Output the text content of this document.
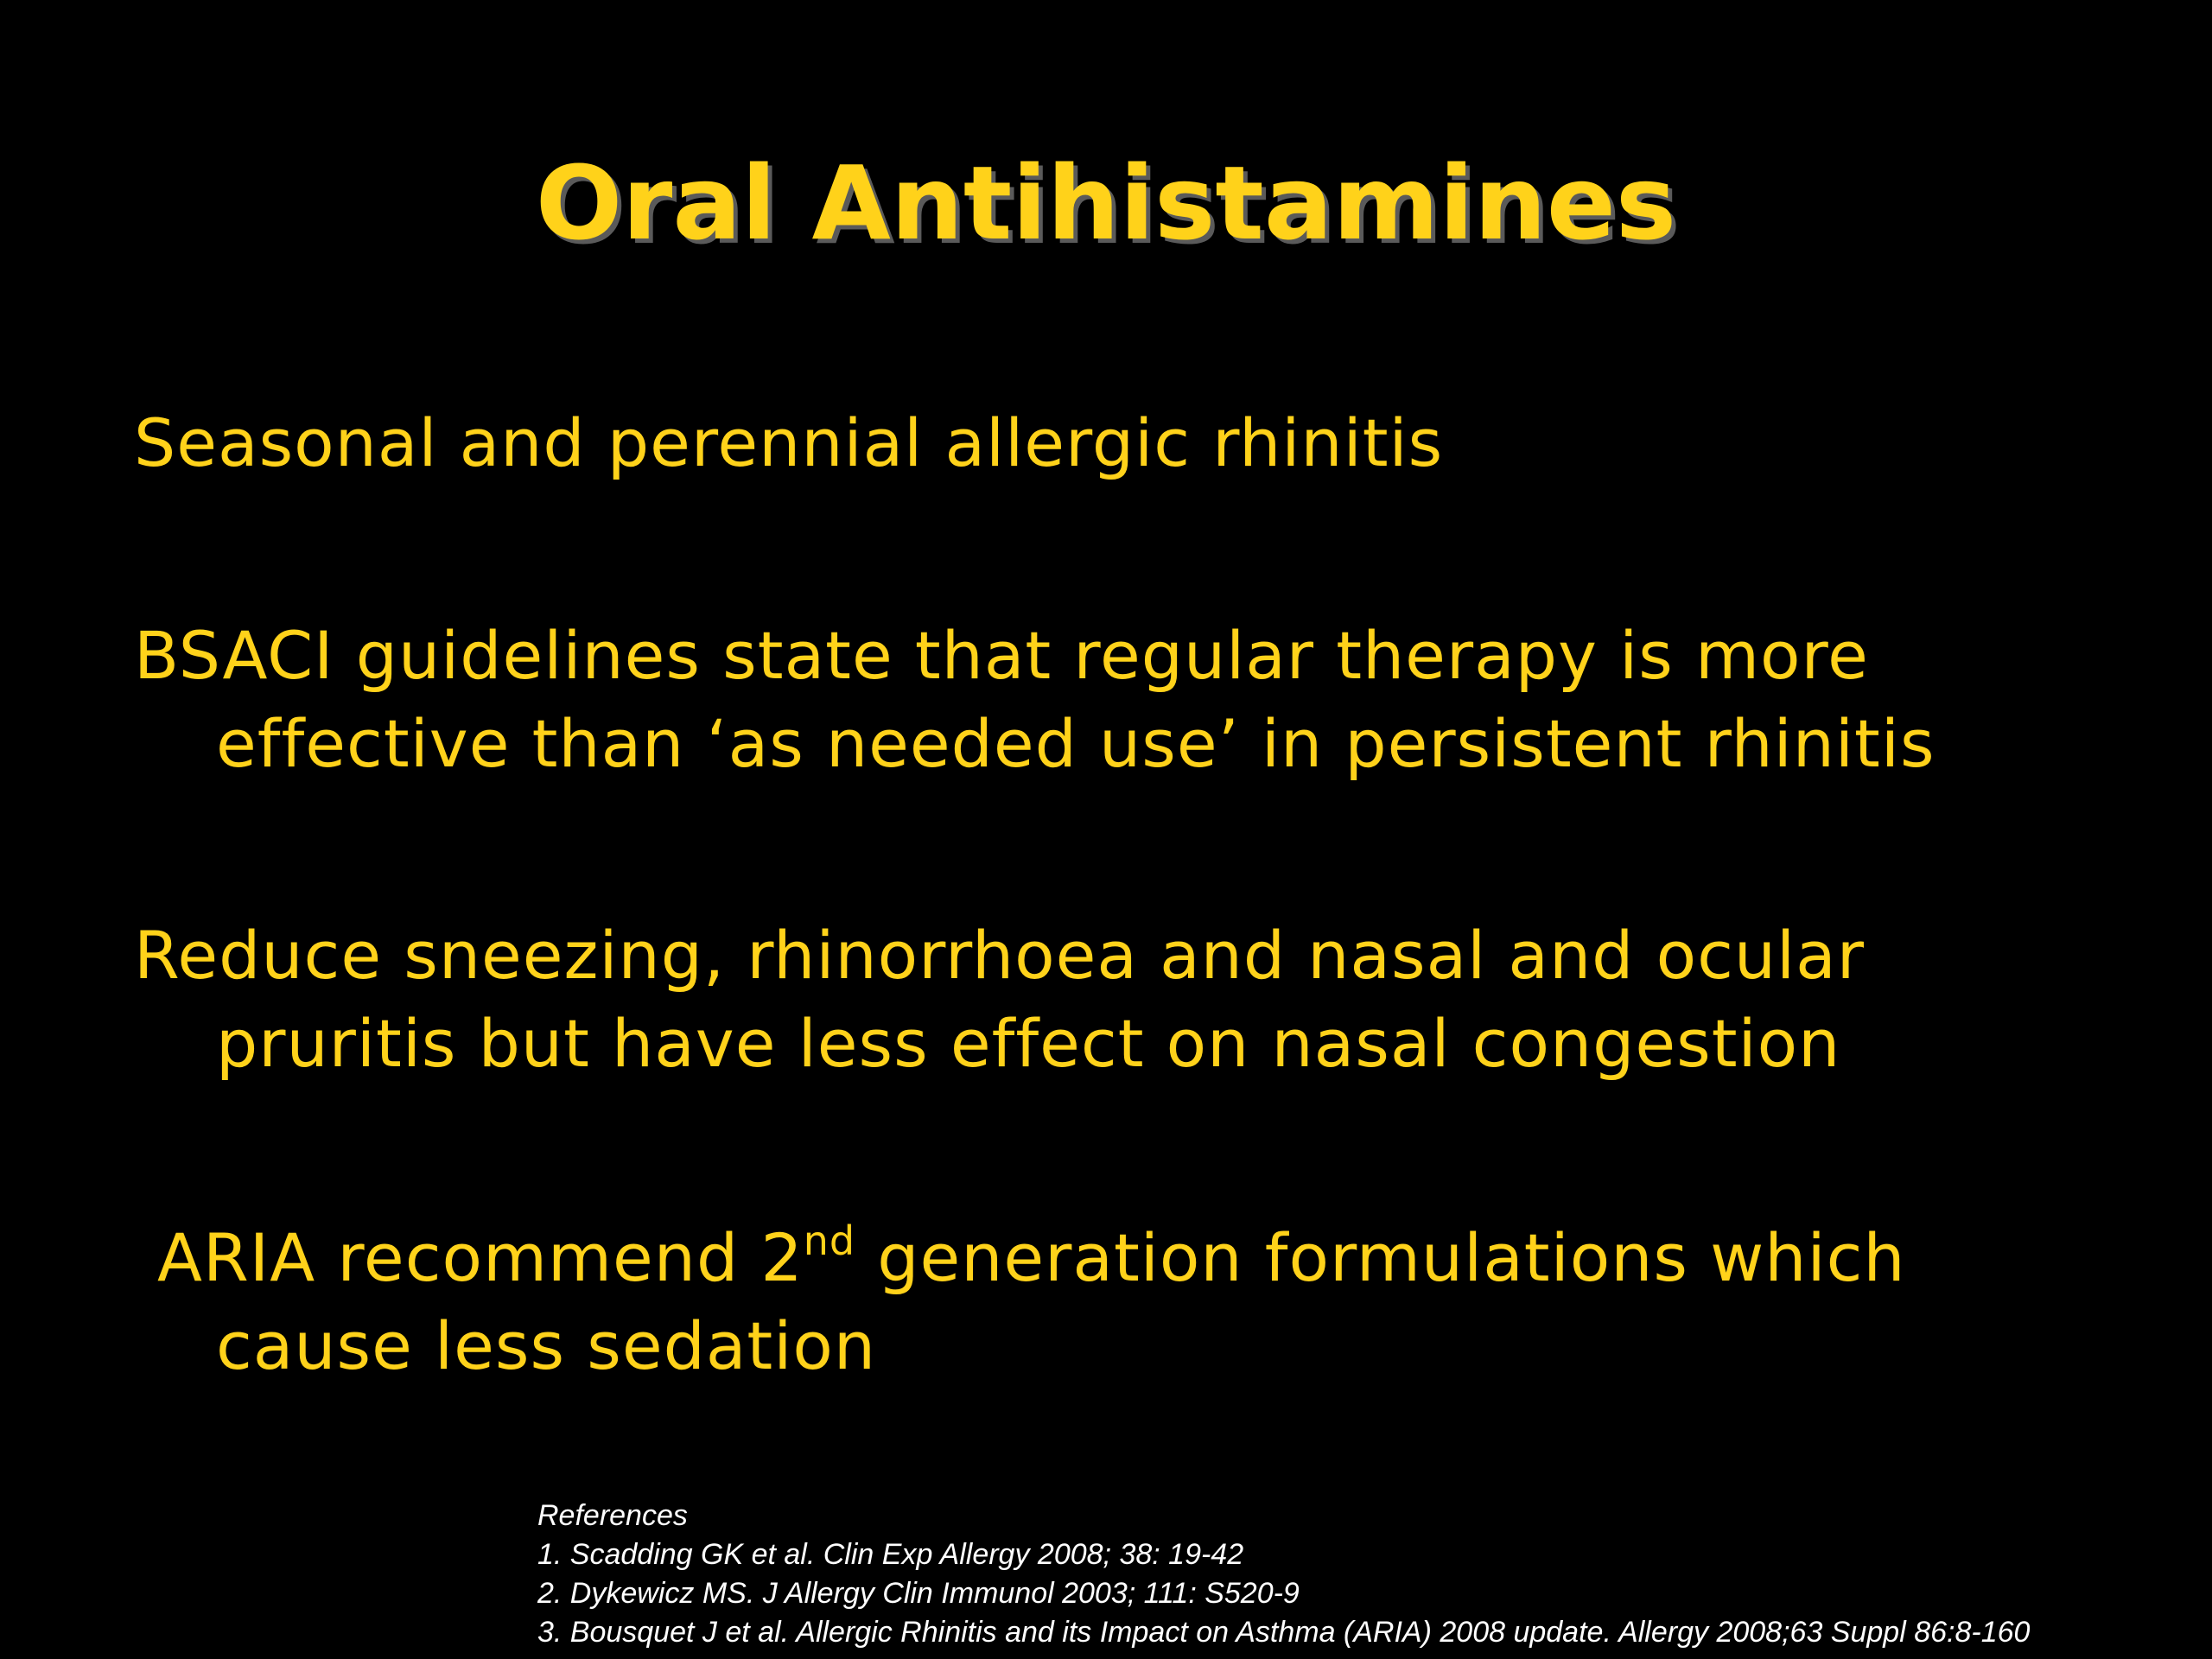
Oral Antihistamines
Seasonal and perennial allergic rhinitis
BSACI guidelines state that regular therapy is more
effective than ‘as needed use’ in persistent rhinitis
Reduce sneezing, rhinorrhoea and nasal and ocular
pruritis but have less effect on nasal congestion
ARIA recommend 2nd generation formulations which
cause less sedation
References
1. Scadding GK et al. Clin Exp Allergy 2008; 38: 19-42
2. Dykewicz MS. J Allergy Clin Immunol 2003; 111: S520-9
3. Bousquet J et al. Allergic Rhinitis and its Impact on Asthma (ARIA) 2008 update. Allergy 2008;63 Suppl 86:8-160
